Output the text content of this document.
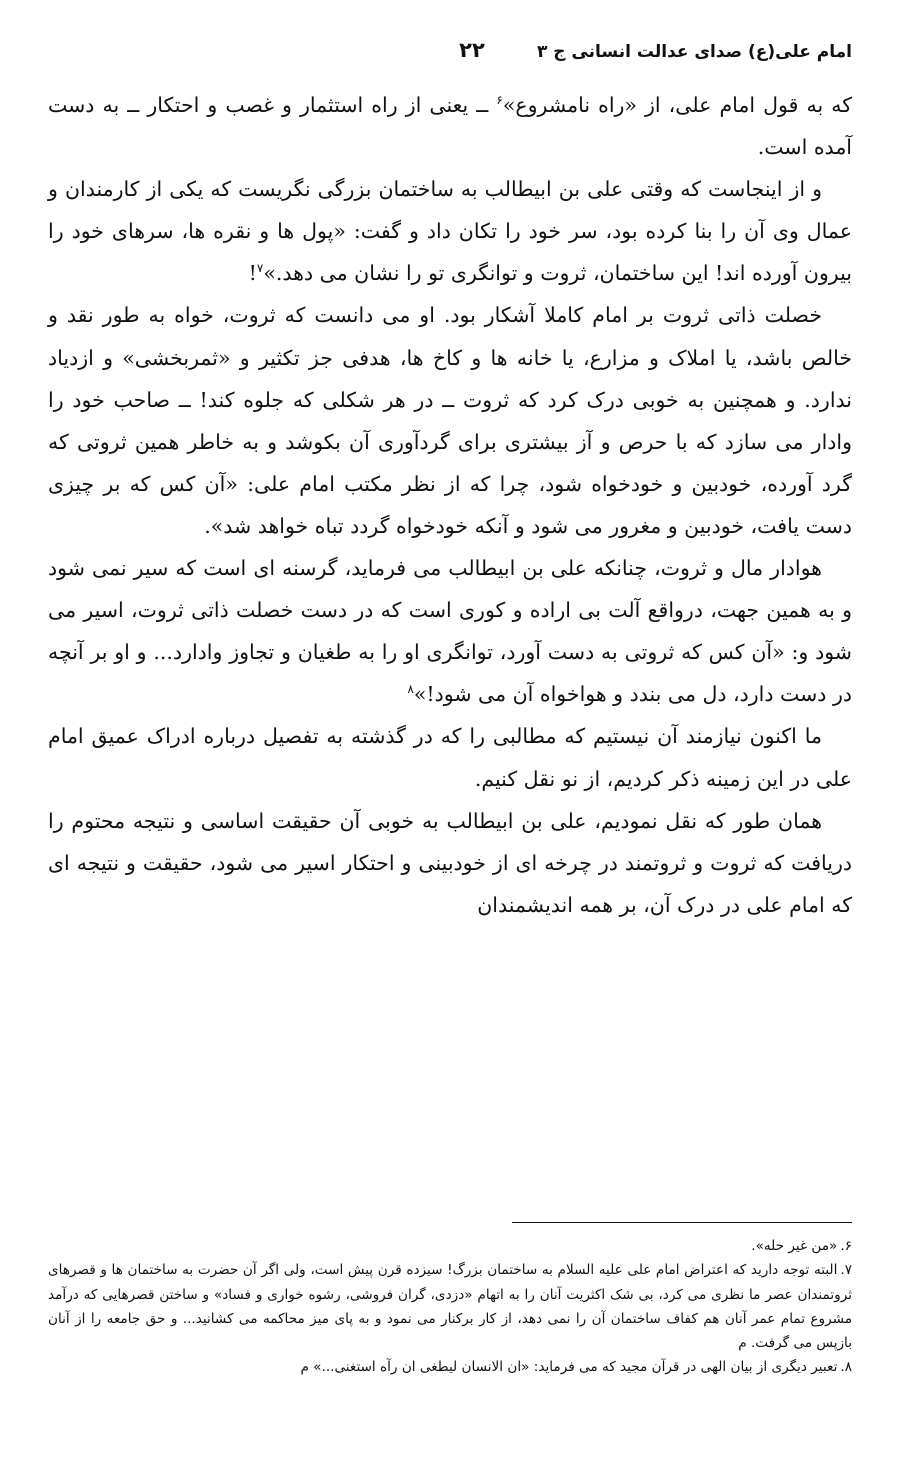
امام علی(ع) صدای عدالت انسانی ج ۳
۲۲

که به قول امام علی، از «راه نامشروع»$^۶$ ــ یعنی از راه استثمار و غصب و احتکار ــ به دست آمده است.

و از اینجاست که وقتی علی بن ابیطالب به ساختمان بزرگی نگریست که یکی از کارمندان و عمال وی آن را بنا کرده بود، سر خود را تکان داد و گفت: «پول ها و نقره ها، سرهای خود را بیرون آورده اند! این ساختمان، ثروت و توانگری تو را نشان می دهد.»$^۷$!

خصلت ذاتی ثروت بر امام کاملا آشکار بود. او می دانست که ثروت، خواه به طور نقد و خالص باشد، یا املاک و مزارع، یا خانه ها و کاخ ها، هدفی جز تکثیر و «ثمربخشی» و ازدیاد ندارد. و همچنین به خوبی درک کرد که ثروت ــ در هر شکلی که جلوه کند! ــ صاحب خود را وادار می سازد که با حرص و آز بیشتری برای گردآوری آن بکوشد و به خاطر همین ثروتی که گرد آورده، خودبین و خودخواه شود، چرا که از نظر مکتب امام علی: «آن کس که بر چیزی دست یافت، خودبین و مغرور می شود و آنکه خودخواه گردد تباه خواهد شد».

هوادار مال و ثروت، چنانکه علی بن ابیطالب می فرماید، گرسنه ای است که سیر نمی شود و به همین جهت، درواقع آلت بی اراده و کوری است که در دست خصلت ذاتی ثروت، اسیر می شود و: «آن کس که ثروتی به دست آورد، توانگری او را به طغیان و تجاوز وادارد... و او بر آنچه در دست دارد، دل می بندد و هواخواه آن می شود!»$^۸$

ما اکنون نیازمند آن نیستیم که مطالبی را که در گذشته به تفصیل درباره ادراک عمیق امام علی در این زمینه ذکر کردیم، از نو نقل کنیم.

همان طور که نقل نمودیم، علی بن ابیطالب به خوبی آن حقیقت اساسی و نتیجه محتوم را دریافت که ثروت و ثروتمند در چرخه ای از خودبینی و احتکار اسیر می شود، حقیقت و نتیجه ای که امام علی در درک آن، بر همه اندیشمندان

۶.«من غیر حله».

۷.البته توجه دارید که اعتراض امام علی علیه السلام به ساختمان بزرگ! سیزده قرن پیش است، ولی اگر آن حضرت به ساختمان ها و قصرهای ثروتمندان عصر ما نظری می کرد، بی شک اکثریت آنان را به اتهام «دزدی، گران فروشی، رشوه خواری و فساد» و ساختن قصرهایی که درآمد مشروع تمام عمر آنان هم کفاف ساختمان آن را نمی دهد، از کار برکنار می نمود و به پای میز محاکمه می کشانید... و حق جامعه را از آنان بازپس می گرفت. م

۸.تعبیر دیگری از بیان الهی در قرآن مجید که می فرماید: «ان الانسان لیطغی ان رآه استغنی...» م
